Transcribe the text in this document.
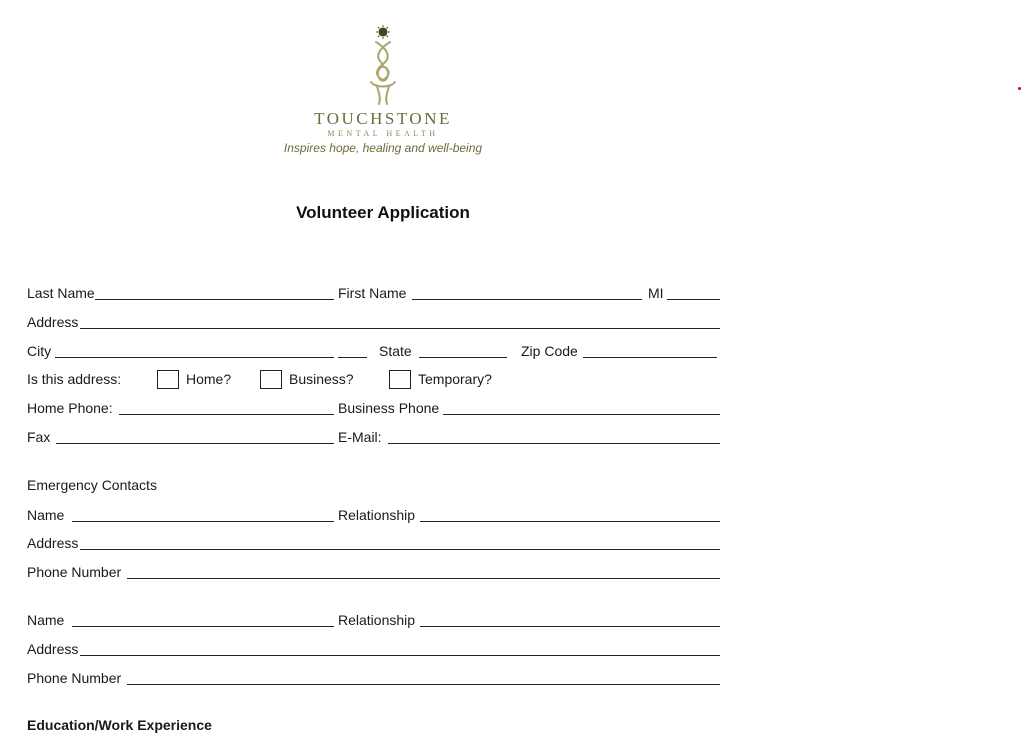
TOUCHSTONE
MENTAL HEALTH
Inspires hope, healing and well-being
Volunteer Application
Last Name	First Name	MI
Address
City	State	Zip Code
Is this address:	Home?	Business?	Temporary?
Home Phone:	Business Phone
Fax	E-Mail:
Emergency Contacts
Name	Relationship
Address
Phone Number
Name	Relationship
Address
Phone Number
Education/Work Experience
